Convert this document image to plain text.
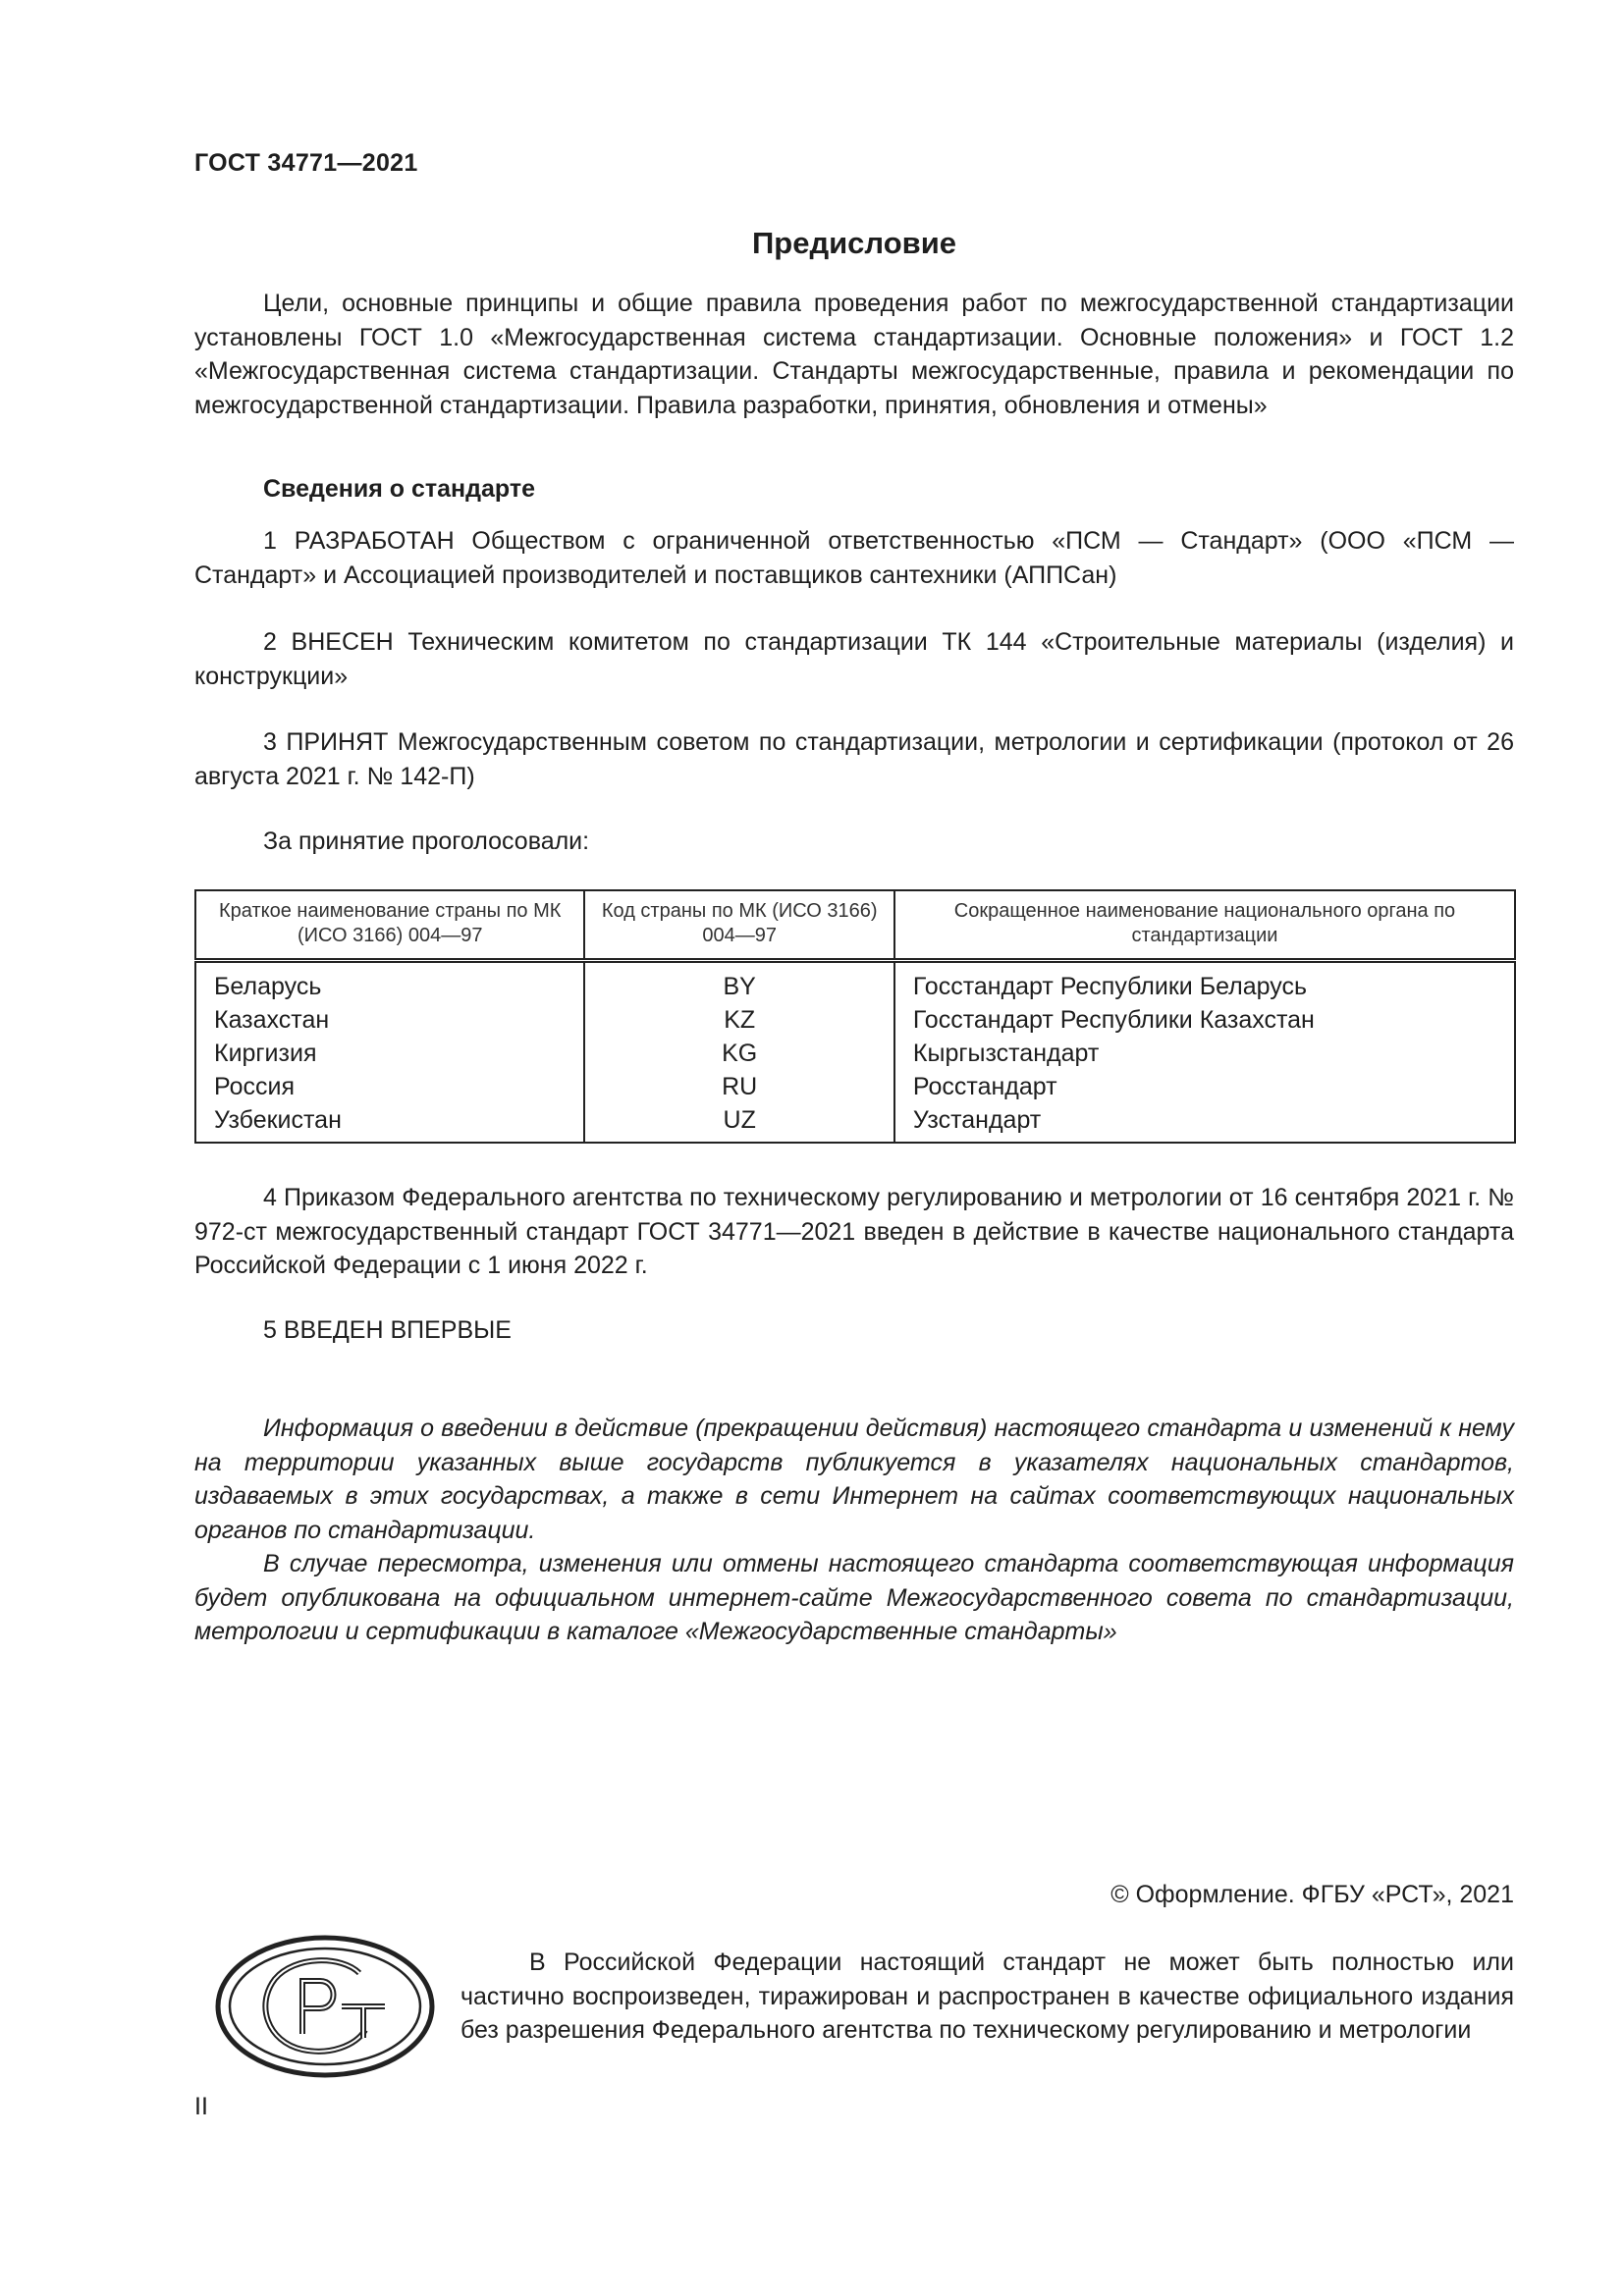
ГОСТ 34771—2021
Предисловие

Цели, основные принципы и общие правила проведения работ по межгосударственной стандартизации установлены ГОСТ 1.0 «Межгосударственная система стандартизации. Основные положения» и ГОСТ 1.2 «Межгосударственная система стандартизации. Стандарты межгосударственные, правила и рекомендации по межгосударственной стандартизации. Правила разработки, принятия, обновления и отмены»

Сведения о стандарте

1 РАЗРАБОТАН Обществом с ограниченной ответственностью «ПСМ — Стандарт» (ООО «ПСМ — Стандарт» и Ассоциацией производителей и поставщиков сантехники (АППСан)

2 ВНЕСЕН Техническим комитетом по стандартизации ТК 144 «Строительные материалы (изделия) и конструкции»

3 ПРИНЯТ Межгосударственным советом по стандартизации, метрологии и сертификации (протокол от 26 августа 2021 г. № 142-П)

За принятие проголосовали:

Краткое наименование страны по МК (ИСО 3166) 004—97	Код страны по МК (ИСО 3166) 004—97	Сокращенное наименование национального органа по стандартизации
Беларусь	BY	Госстандарт Республики Беларусь
Казахстан	KZ	Госстандарт Республики Казахстан
Киргизия	KG	Кыргызстандарт
Россия	RU	Росстандарт
Узбекистан	UZ	Узстандарт

4 Приказом Федерального агентства по техническому регулированию и метрологии от 16 сентября 2021 г. № 972-ст межгосударственный стандарт ГОСТ 34771—2021 введен в действие в качестве национального стандарта Российской Федерации с 1 июня 2022 г.

5 ВВЕДЕН ВПЕРВЫЕ

Информация о введении в действие (прекращении действия) настоящего стандарта и изменений к нему на территории указанных выше государств публикуется в указателях национальных стандартов, издаваемых в этих государствах, а также в сети Интернет на сайтах соответствующих национальных органов по стандартизации.

В случае пересмотра, изменения или отмены настоящего стандарта соответствующая информация будет опубликована на официальном интернет-сайте Межгосударственного совета по стандартизации, метрологии и сертификации в каталоге «Межгосударственные стандарты»

© Оформление. ФГБУ «РСТ», 2021

В Российской Федерации настоящий стандарт не может быть полностью или частично воспроизведен, тиражирован и распространен в качестве официального издания без разрешения Федерального агентства по техническому регулированию и метрологии

II
